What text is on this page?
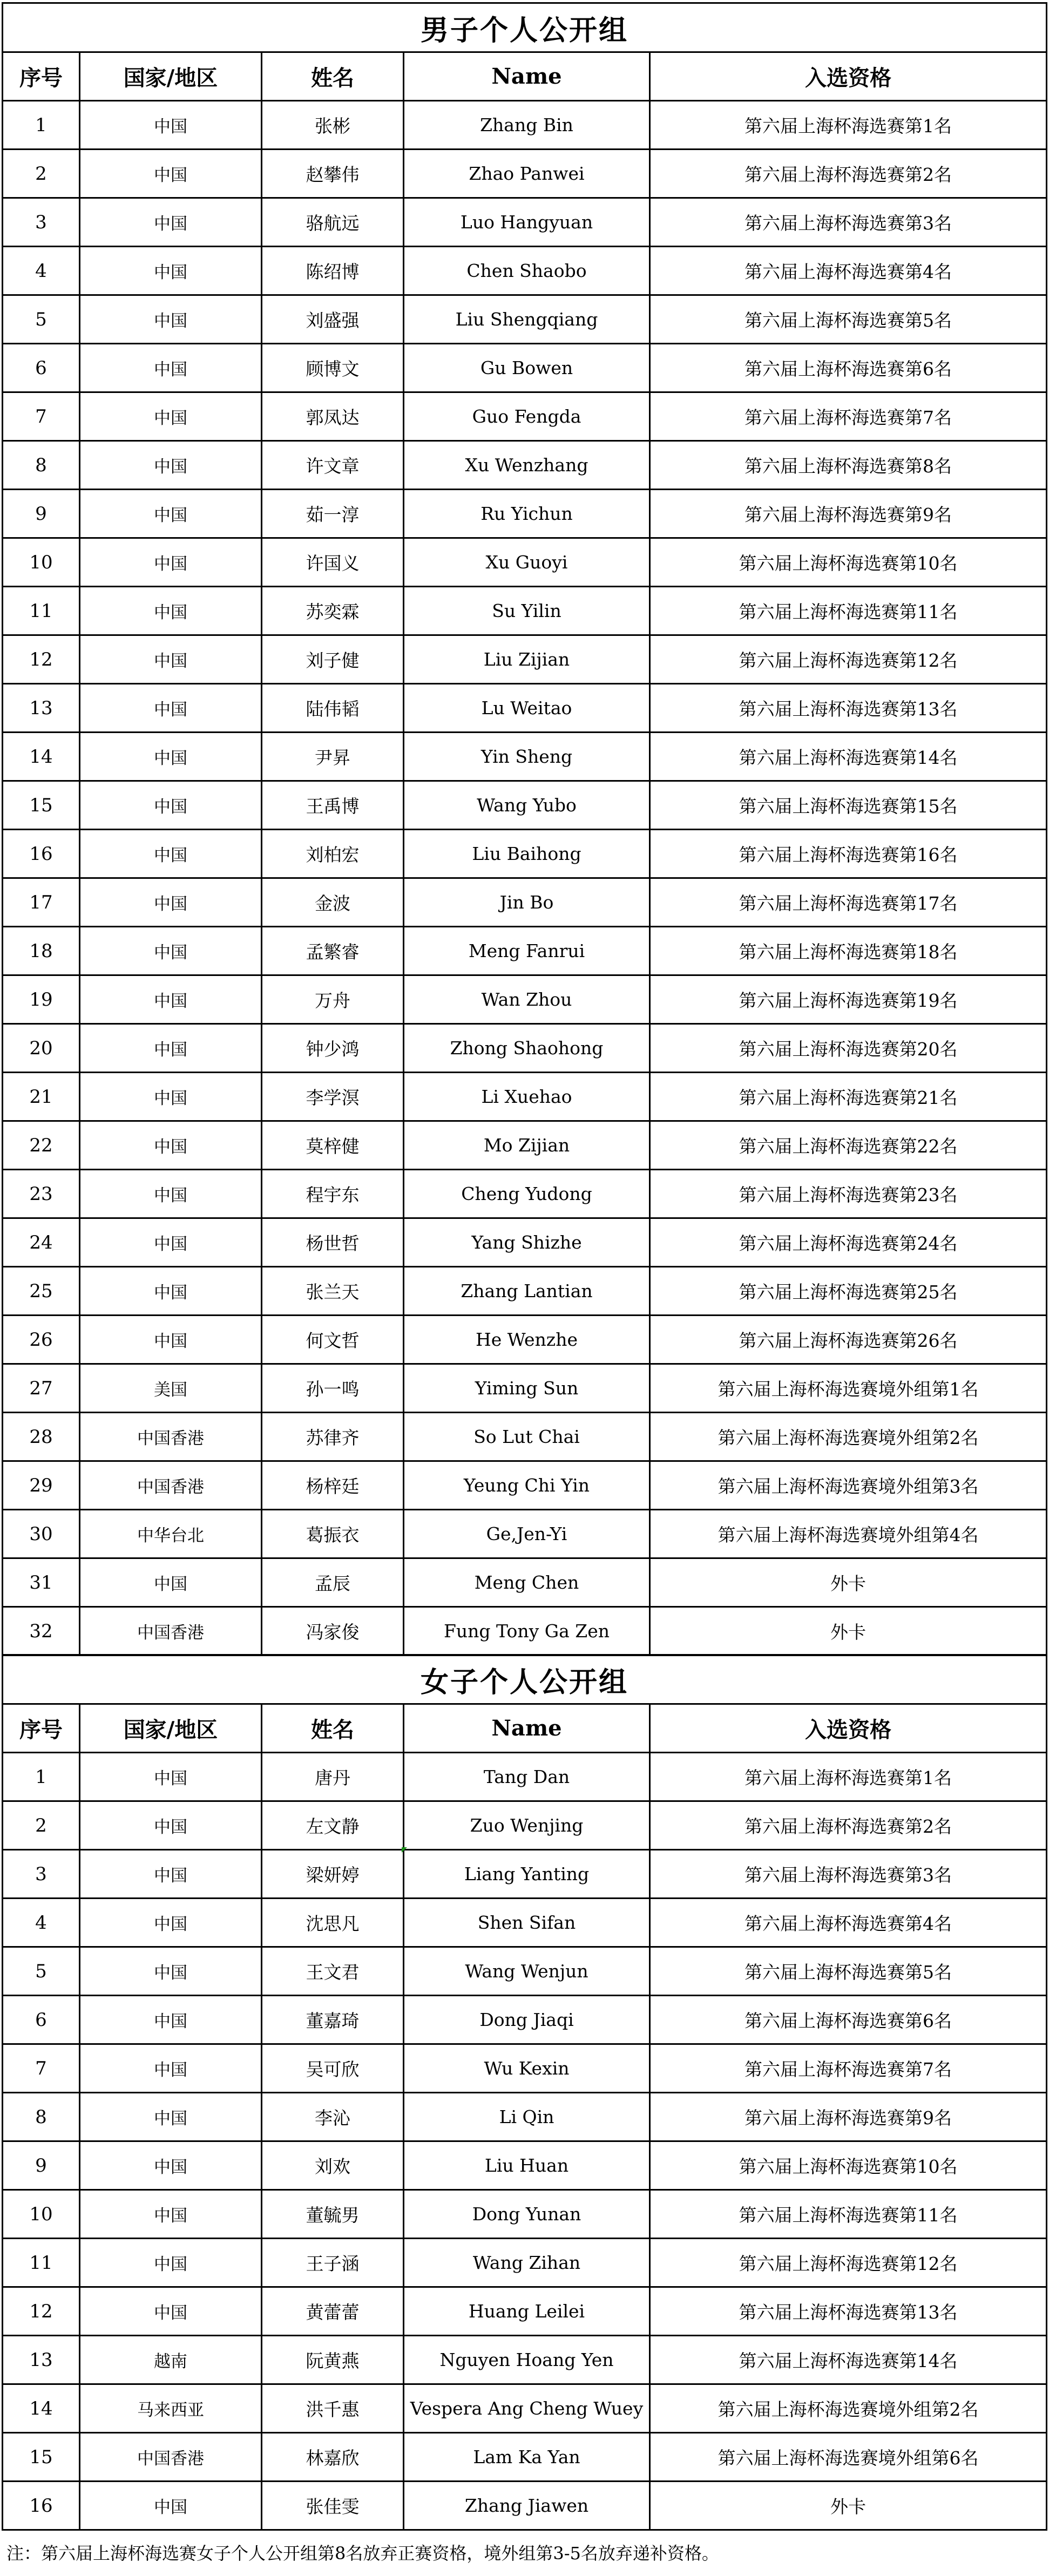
男子个人公开组
序号	国家/地区	姓名	Name	入选资格
1	中国	张彬	Zhang Bin	第六届上海杯海选赛第1名
2	中国	赵攀伟	Zhao Panwei	第六届上海杯海选赛第2名
3	中国	骆航远	Luo Hangyuan	第六届上海杯海选赛第3名
4	中国	陈绍博	Chen Shaobo	第六届上海杯海选赛第4名
5	中国	刘盛强	Liu Shengqiang	第六届上海杯海选赛第5名
6	中国	顾博文	Gu Bowen	第六届上海杯海选赛第6名
7	中国	郭凤达	Guo Fengda	第六届上海杯海选赛第7名
8	中国	许文章	Xu Wenzhang	第六届上海杯海选赛第8名
9	中国	茹一淳	Ru Yichun	第六届上海杯海选赛第9名
10	中国	许国义	Xu Guoyi	第六届上海杯海选赛第10名
11	中国	苏奕霖	Su Yilin	第六届上海杯海选赛第11名
12	中国	刘子健	Liu Zijian	第六届上海杯海选赛第12名
13	中国	陆伟韬	Lu Weitao	第六届上海杯海选赛第13名
14	中国	尹昇	Yin Sheng	第六届上海杯海选赛第14名
15	中国	王禹博	Wang Yubo	第六届上海杯海选赛第15名
16	中国	刘柏宏	Liu Baihong	第六届上海杯海选赛第16名
17	中国	金波	Jin Bo	第六届上海杯海选赛第17名
18	中国	孟繁睿	Meng Fanrui	第六届上海杯海选赛第18名
19	中国	万舟	Wan Zhou	第六届上海杯海选赛第19名
20	中国	钟少鸿	Zhong Shaohong	第六届上海杯海选赛第20名
21	中国	李学溟	Li Xuehao	第六届上海杯海选赛第21名
22	中国	莫梓健	Mo Zijian	第六届上海杯海选赛第22名
23	中国	程宇东	Cheng Yudong	第六届上海杯海选赛第23名
24	中国	杨世哲	Yang Shizhe	第六届上海杯海选赛第24名
25	中国	张兰天	Zhang Lantian	第六届上海杯海选赛第25名
26	中国	何文哲	He Wenzhe	第六届上海杯海选赛第26名
27	美国	孙一鸣	Yiming Sun	第六届上海杯海选赛境外组第1名
28	中国香港	苏律齐	So Lut Chai	第六届上海杯海选赛境外组第2名
29	中国香港	杨梓廷	Yeung Chi Yin	第六届上海杯海选赛境外组第3名
30	中华台北	葛振衣	Ge,Jen-Yi	第六届上海杯海选赛境外组第4名
31	中国	孟辰	Meng Chen	外卡
32	中国香港	冯家俊	Fung Tony Ga Zen	外卡
女子个人公开组
序号	国家/地区	姓名	Name	入选资格
1	中国	唐丹	Tang Dan	第六届上海杯海选赛第1名
2	中国	左文静	Zuo Wenjing	第六届上海杯海选赛第2名
3	中国	梁妍婷	Liang Yanting	第六届上海杯海选赛第3名
4	中国	沈思凡	Shen Sifan	第六届上海杯海选赛第4名
5	中国	王文君	Wang Wenjun	第六届上海杯海选赛第5名
6	中国	董嘉琦	Dong Jiaqi	第六届上海杯海选赛第6名
7	中国	吴可欣	Wu Kexin	第六届上海杯海选赛第7名
8	中国	李沁	Li Qin	第六届上海杯海选赛第9名
9	中国	刘欢	Liu Huan	第六届上海杯海选赛第10名
10	中国	董毓男	Dong Yunan	第六届上海杯海选赛第11名
11	中国	王子涵	Wang Zihan	第六届上海杯海选赛第12名
12	中国	黄蕾蕾	Huang Leilei	第六届上海杯海选赛第13名
13	越南	阮黄燕	Nguyen Hoang Yen	第六届上海杯海选赛第14名
14	马来西亚	洪千惠	Vespera Ang Cheng Wuey	第六届上海杯海选赛境外组第2名
15	中国香港	林嘉欣	Lam Ka Yan	第六届上海杯海选赛境外组第6名
16	中国	张佳雯	Zhang Jiawen	外卡
注：第六届上海杯海选赛女子个人公开组第8名放弃正赛资格，境外组第3-5名放弃递补资格。
